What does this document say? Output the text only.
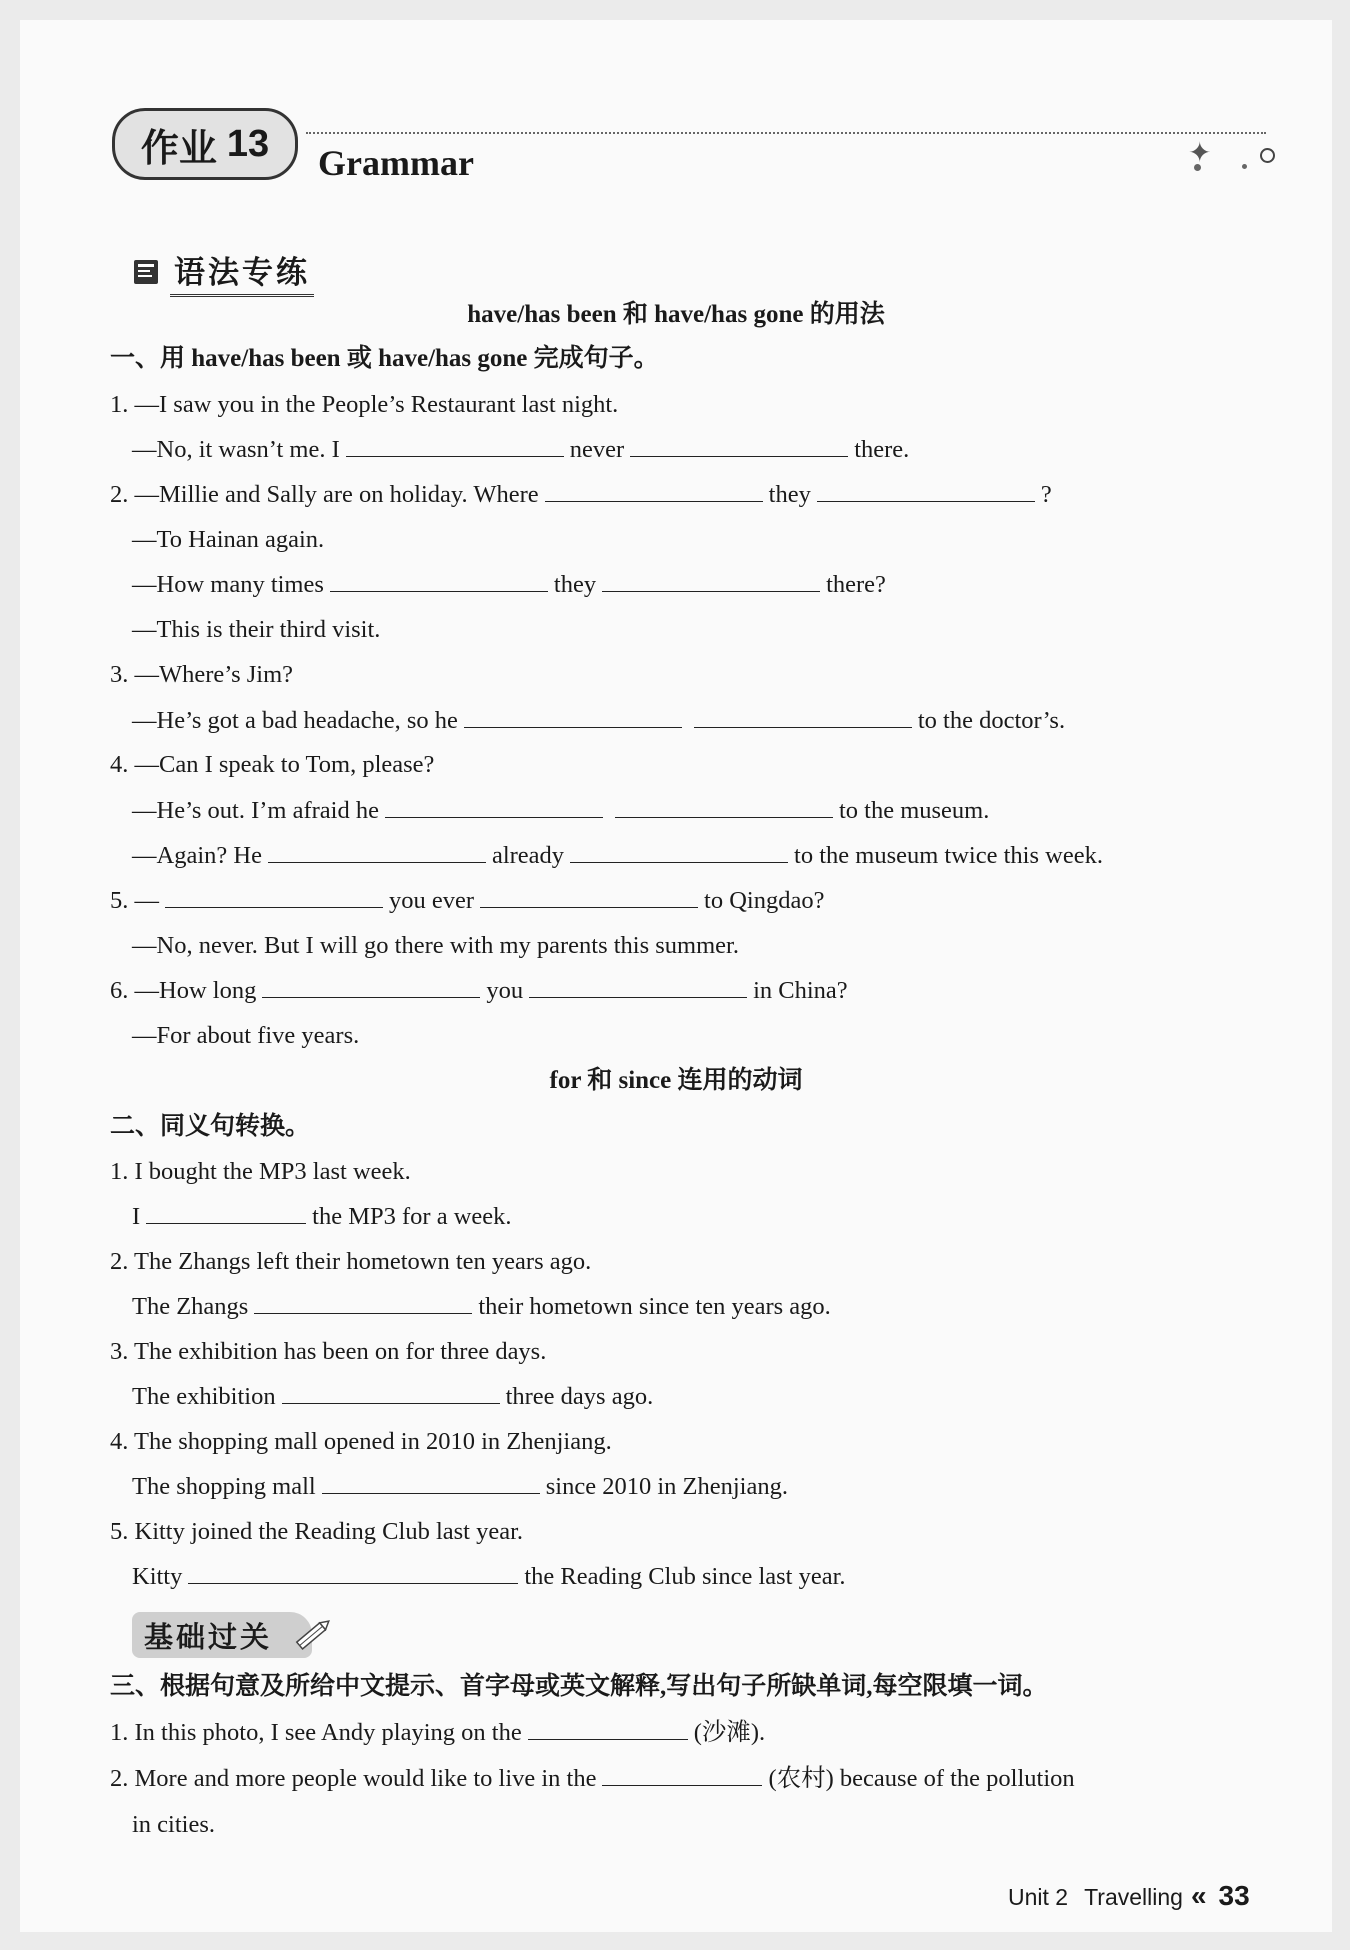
作业 13 Grammar	✦
语法专练
have/has been 和 have/has gone 的用法
一、用 have/has been 或 have/has gone 完成句子。
1. —I saw you in the People’s Restaurant last night.
—No, it wasn’t me. I	never	there.
2. —Millie and Sally are on holiday. Where	they	?
—To Hainan again.
—How many times	they	there?
—This is their third visit.
3. —Where’s Jim?
—He’s got a bad headache, so he	to the doctor’s.
4. —Can I speak to Tom, please?
—He’s out. I’m afraid he	to the museum.
—Again? He	already	to the museum twice this week.
5. —	you ever	to Qingdao?
—No, never. But I will go there with my parents this summer.
6. —How long	you	in China?
—For about five years.
for 和 since 连用的动词
二、同义句转换。
1. I bought the MP3 last week.
I	the MP3 for a week.
2. The Zhangs left their hometown ten years ago.
The Zhangs	their hometown since ten years ago.
3. The exhibition has been on for three days.
The exhibition	three days ago.
4. The shopping mall opened in 2010 in Zhenjiang.
The shopping mall	since 2010 in Zhenjiang.
5. Kitty joined the Reading Club last year.
Kitty	the Reading Club since last year.
基础过关
三、根据句意及所给中文提示、首字母或英文解释,写出句子所缺单词,每空限填一词。
1. In this photo, I see Andy playing on the	(沙滩).
2. More and more people would like to live in the	(农村) because of the pollution
in cities.
Unit 2 Travelling « 33
